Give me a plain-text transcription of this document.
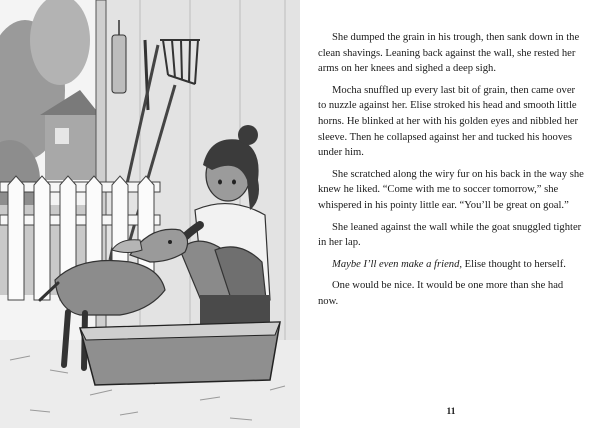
She dumped the grain in his trough, then sank down in the clean shavings. Leaning back against the wall, she rested her arms on her knees and sighed a deep sigh.

Mocha snuffled up every last bit of grain, then came over to nuzzle against her. Elise stroked his head and smooth little horns. He blinked at her with his golden eyes and nibbled her sleeve. Then he collapsed against her and tucked his hooves under him.

She scratched along the wiry fur on his back in the way she knew he liked. “Come with me to soccer tomorrow,” she whispered in his pointy little ear. “You’ll be great on goal.”

She leaned against the wall while the goat snuggled tighter in her lap.

Maybe I’ll even make a friend, Elise thought to herself.

One would be nice. It would be one more than she had now.

11
